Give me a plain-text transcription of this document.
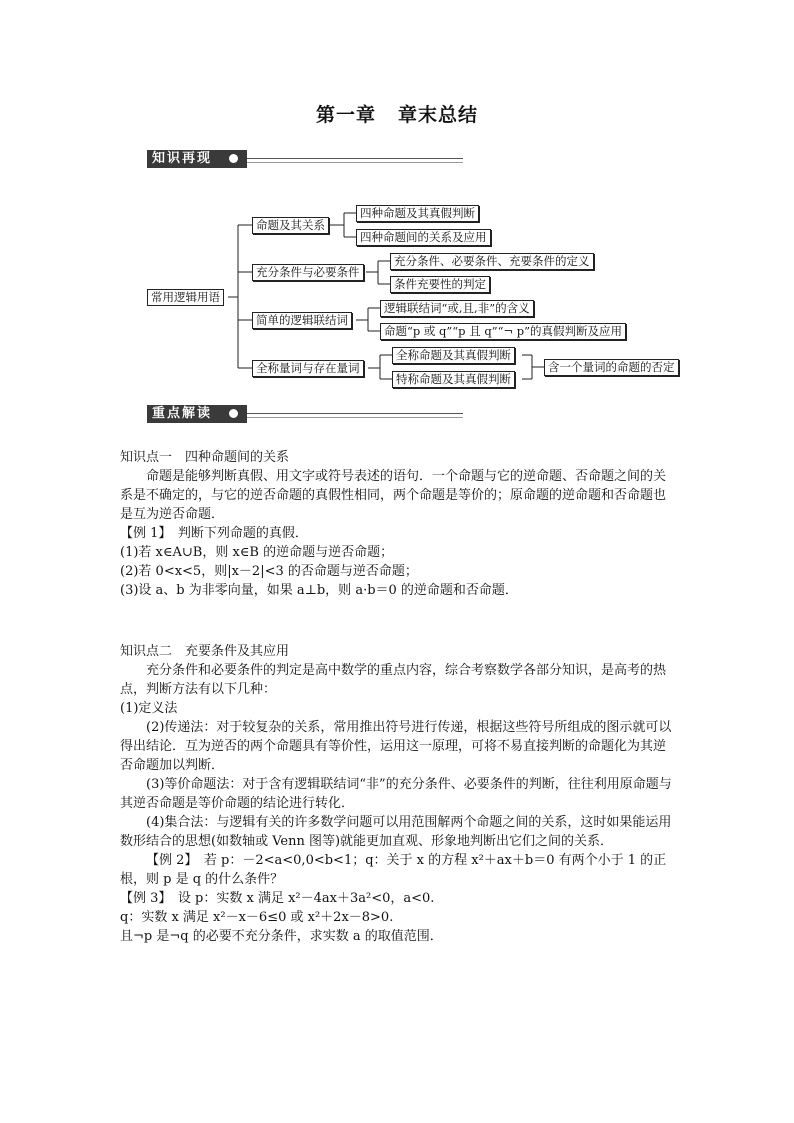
第一章 章末总结
知识再现
常用逻辑用语
命题及其关系
四种命题及其真假判断
四种命题间的关系及应用
充分条件与必要条件
充分条件、必要条件、充要条件的定义
条件充要性的判定
简单的逻辑联结词
逻辑联结词“或,且,非”的含义
命题“p 或 q”“p 且 q”“¬ p”的真假判断及应用
全称量词与存在量词
全称命题及其真假判断
特称命题及其真假判断
含一个量词的命题的否定
重点解读

知识点一　四种命题间的关系

命题是能够判断真假、用文字或符号表述的语句．一个命题与它的逆命题、否命题之间的关系是不确定的，与它的逆否命题的真假性相同，两个命题是等价的；原命题的逆命题和否命题也是互为逆否命题．

【例 1】　判断下列命题的真假．

(1)若 x∈A∪B，则 x∈B 的逆命题与逆否命题；

(2)若 0<x<5，则|x－2|<3 的否命题与逆否命题；

(3)设 a、b 为非零向量，如果 a⊥b，则 a·b＝0 的逆命题和否命题．

知识点二　充要条件及其应用

充分条件和必要条件的判定是高中数学的重点内容，综合考察数学各部分知识，是高考的热点，判断方法有以下几种：

(1)定义法

(2)传递法：对于较复杂的关系，常用推出符号进行传递，根据这些符号所组成的图示就可以得出结论．互为逆否的两个命题具有等价性，运用这一原理，可将不易直接判断的命题化为其逆否命题加以判断．

(3)等价命题法：对于含有逻辑联结词“非”的充分条件、必要条件的判断，往往利用原命题与其逆否命题是等价命题的结论进行转化．

(4)集合法：与逻辑有关的许多数学问题可以用范围解两个命题之间的关系，这时如果能运用数形结合的思想(如数轴或 Venn 图等)就能更加直观、形象地判断出它们之间的关系．

【例 2】　若 p：－2<a<0,0<b<1；q：关于 x 的方程 x²＋ax＋b＝0 有两个小于 1 的正根，则 p 是 q 的什么条件？

【例 3】　设 p：实数 x 满足 x²－4ax＋3a²<0，a<0.

q：实数 x 满足 x²－x－6≤0 或 x²＋2x－8>0.

且¬p 是¬q 的必要不充分条件，求实数 a 的取值范围．
